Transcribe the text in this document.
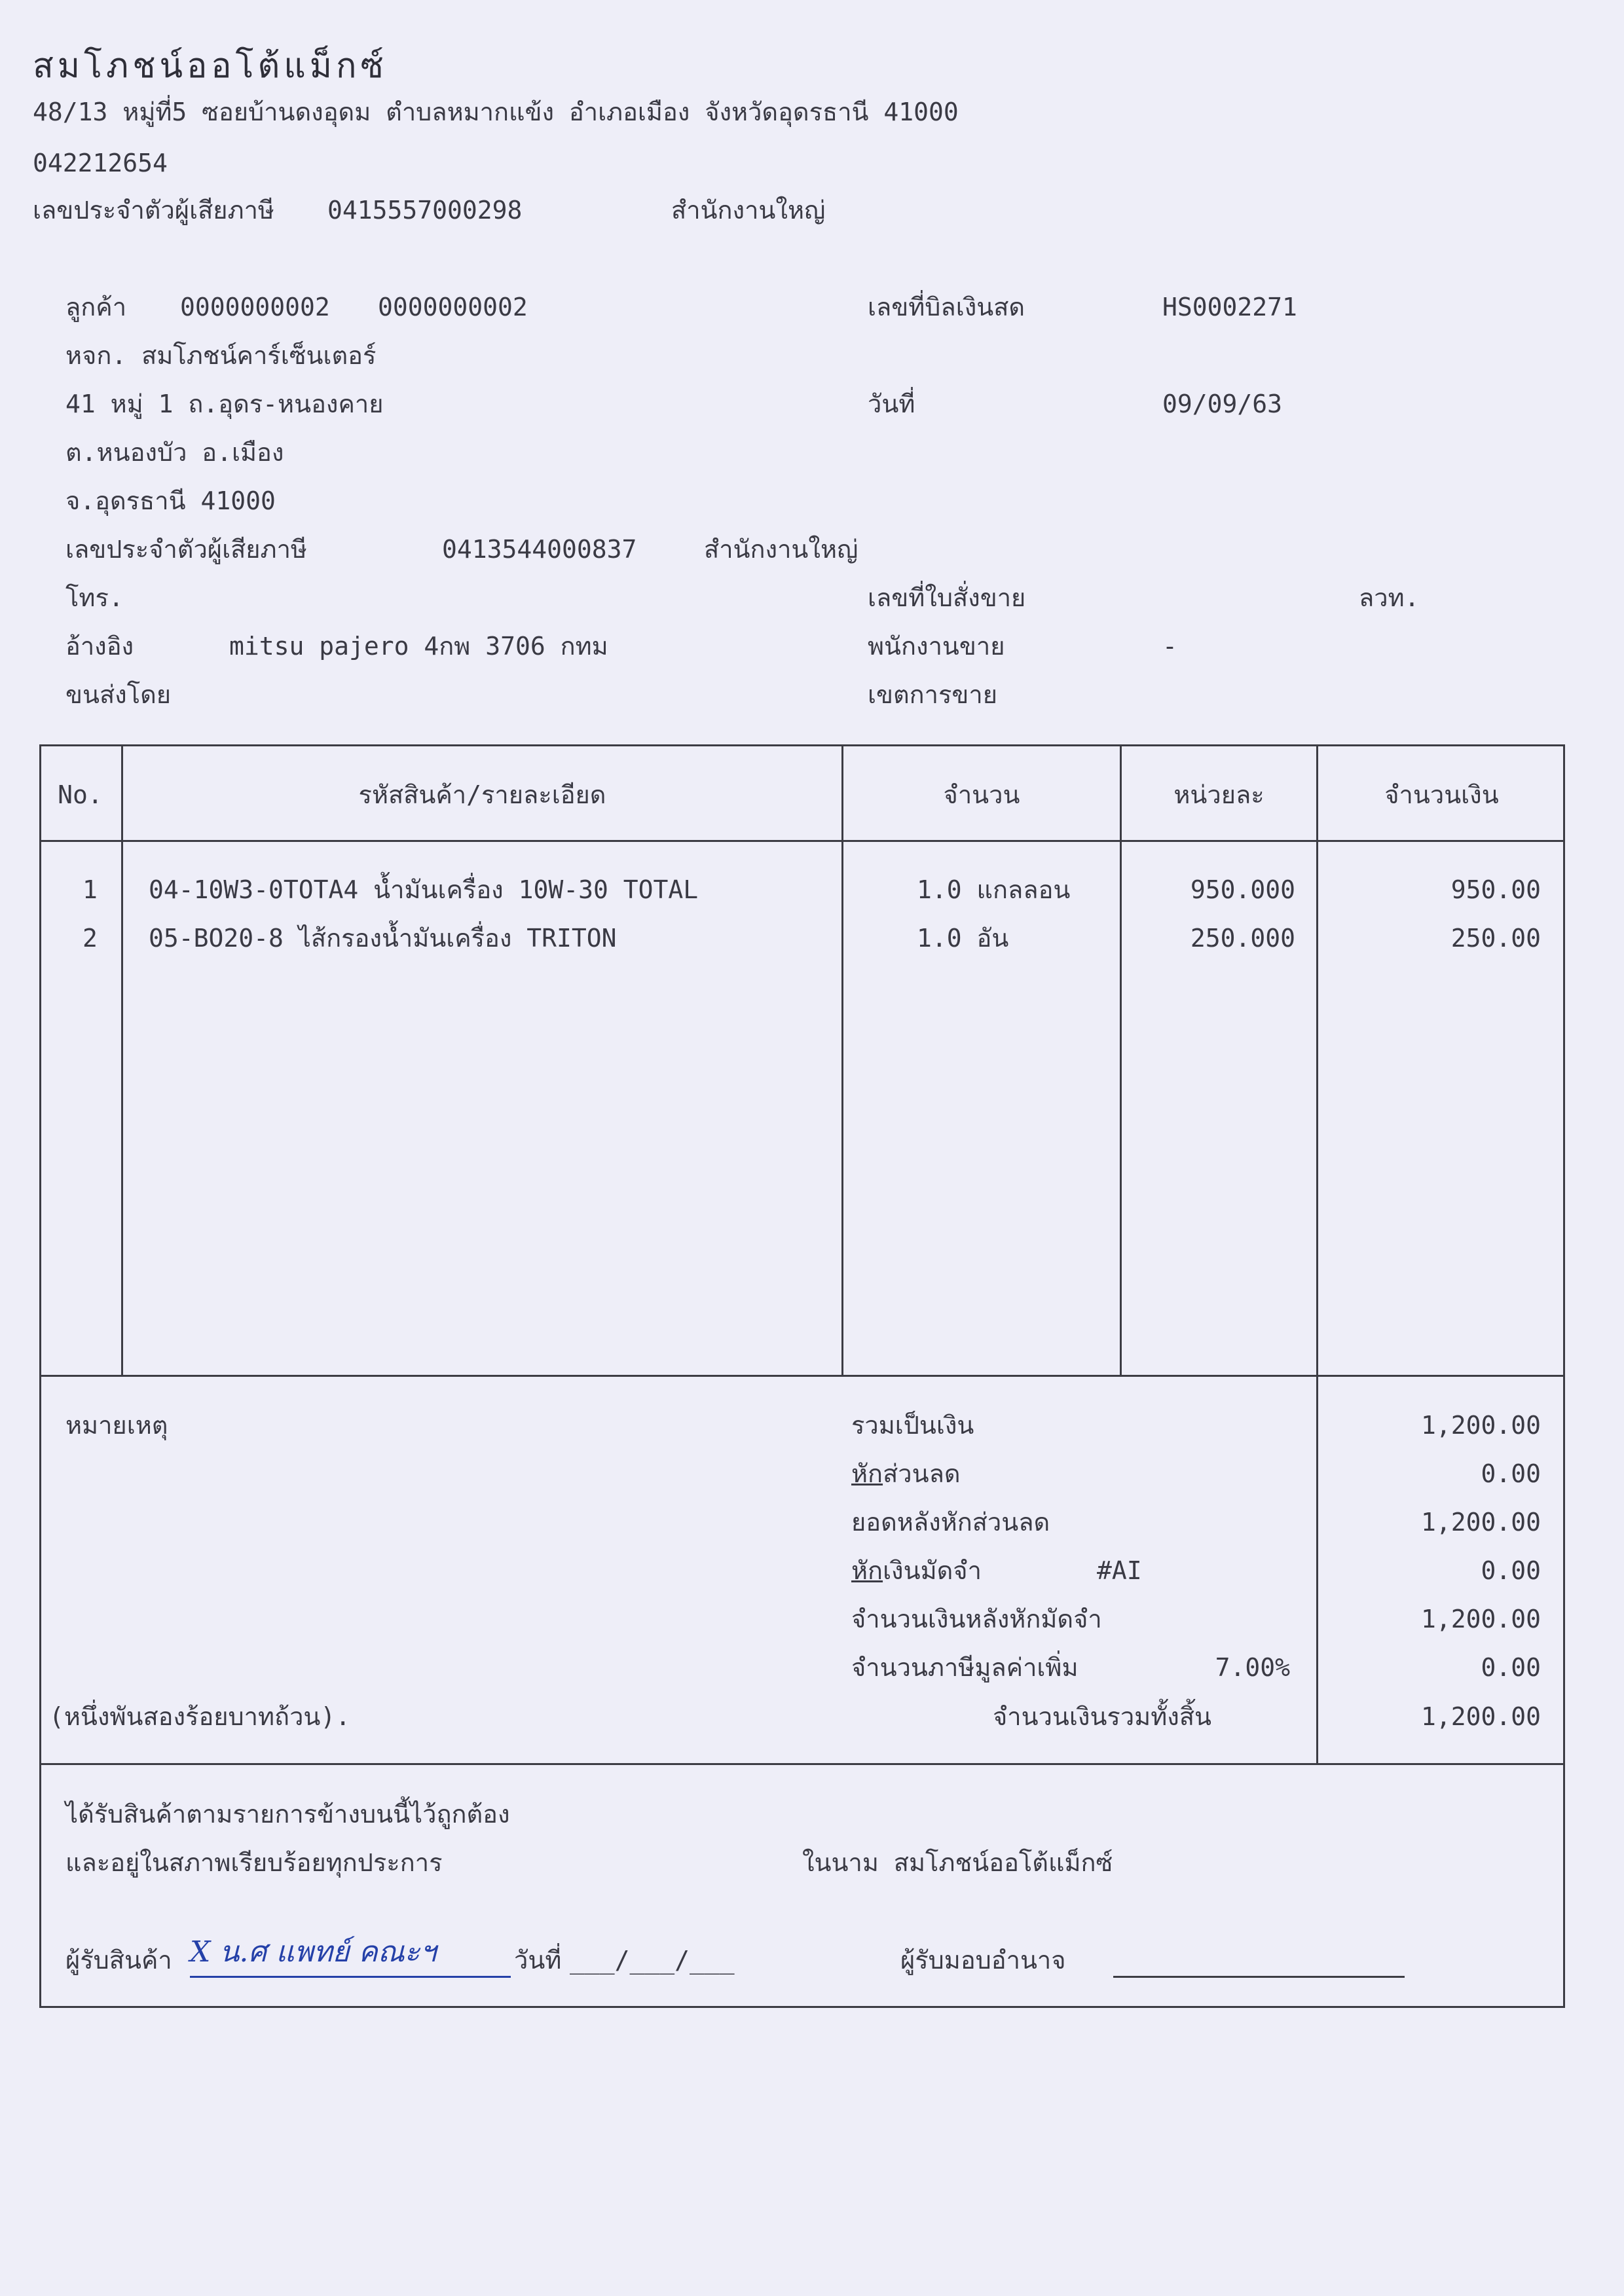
สมโภชน์ออโต้แม็กซ์
48/13 หมู่ที่5 ซอยบ้านดงอุดม ตำบลหมากแข้ง อำเภอเมือง จังหวัดอุดรธานี 41000
042212654
เลขประจำตัวผู้เสียภาษี 0415557000298	สำนักงานใหญ่
ลูกค้า 0000000002 0000000002
หจก. สมโภชน์คาร์เซ็นเตอร์
41 หมู่ 1 ถ.อุดร-หนองคาย
ต.หนองบัว อ.เมือง
จ.อุดรธานี 41000
เลขประจำตัวผู้เสียภาษี	0413544000837	สำนักงานใหญ่
โทร.
อ้างอิง	mitsu pajero 4กพ 3706 กทม
ขนส่งโดย
เลขที่บิลเงินสด	HS0002271
วันที่	09/09/63
เลขที่ใบสั่งขาย	ลวท.
พนักงานขาย	-
เขตการขาย
No.	รหัสสินค้า/รายละเอียด	จำนวน	หน่วยละ	จำนวนเงิน
1	04-10W3-0TOTA4 น้ำมันเครื่อง 10W-30 TOTAL	1.0 แกลลอน	950.000	950.00
2	05-BO20-8 ไส้กรองน้ำมันเครื่อง TRITON	1.0 อัน	250.000	250.00
หมายเหตุ
(หนึ่งพันสองร้อยบาทถ้วน).
รวมเป็นเงิน	1,200.00
หักส่วนลด	0.00
ยอดหลังหักส่วนลด	1,200.00
หักเงินมัดจำ	#AI	0.00
จำนวนเงินหลังหักมัดจำ	1,200.00
จำนวนภาษีมูลค่าเพิ่ม	7.00%	0.00
จำนวนเงินรวมทั้งสิ้น	1,200.00
ได้รับสินค้าตามรายการข้างบนนี้ไว้ถูกต้อง
และอยู่ในสภาพเรียบร้อยทุกประการ	ในนาม สมโภชน์ออโต้แม็กซ์
ผู้รับสินค้า X น.ศ แพทย์ คณะฯ	วันที่ ___/___/___	ผู้รับมอบอำนาจ
